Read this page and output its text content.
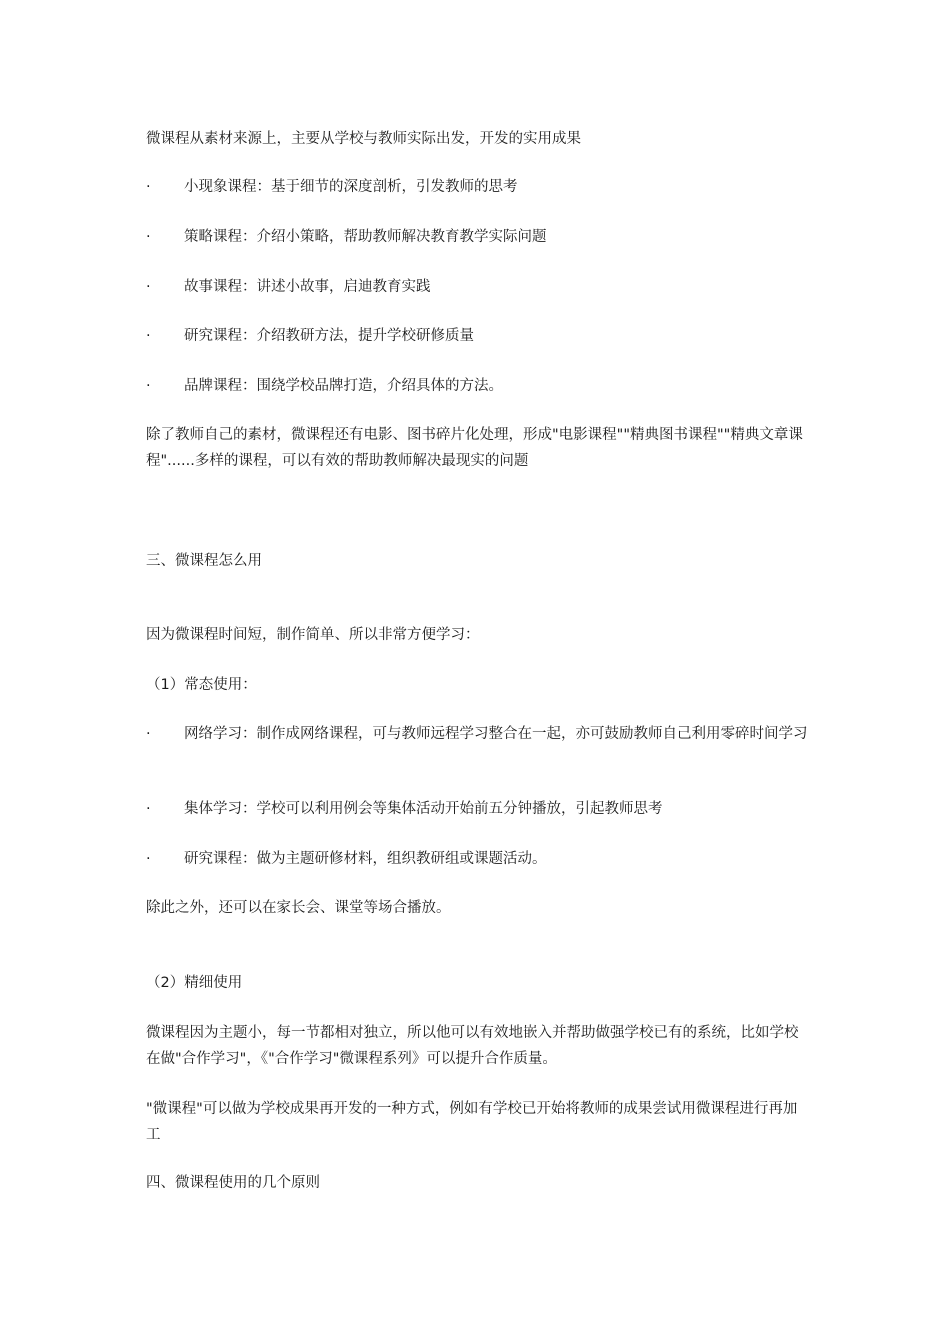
微课程从素材来源上，主要从学校与教师实际出发，开发的实用成果
· 小现象课程：基于细节的深度剖析，引发教师的思考
· 策略课程：介绍小策略，帮助教师解决教育教学实际问题
· 故事课程：讲述小故事，启迪教育实践
· 研究课程：介绍教研方法，提升学校研修质量
· 品牌课程：围绕学校品牌打造，介绍具体的方法。
除了教师自己的素材，微课程还有电影、图书碎片化处理，形成"电影课程""精典图书课程""精典文章课程"......多样的课程，可以有效的帮助教师解决最现实的问题
三、微课程怎么用
因为微课程时间短，制作简单、所以非常方便学习：
（1）常态使用：
· 网络学习：制作成网络课程，可与教师远程学习整合在一起，亦可鼓励教师自己利用零碎时间学习
· 集体学习：学校可以利用例会等集体活动开始前五分钟播放，引起教师思考
· 研究课程：做为主题研修材料，组织教研组或课题活动。
除此之外，还可以在家长会、课堂等场合播放。
（2）精细使用
微课程因为主题小，每一节都相对独立，所以他可以有效地嵌入并帮助做强学校已有的系统，比如学校在做"合作学习"，《"合作学习"微课程系列》可以提升合作质量。
"微课程"可以做为学校成果再开发的一种方式，例如有学校已开始将教师的成果尝试用微课程进行再加工
四、微课程使用的几个原则
